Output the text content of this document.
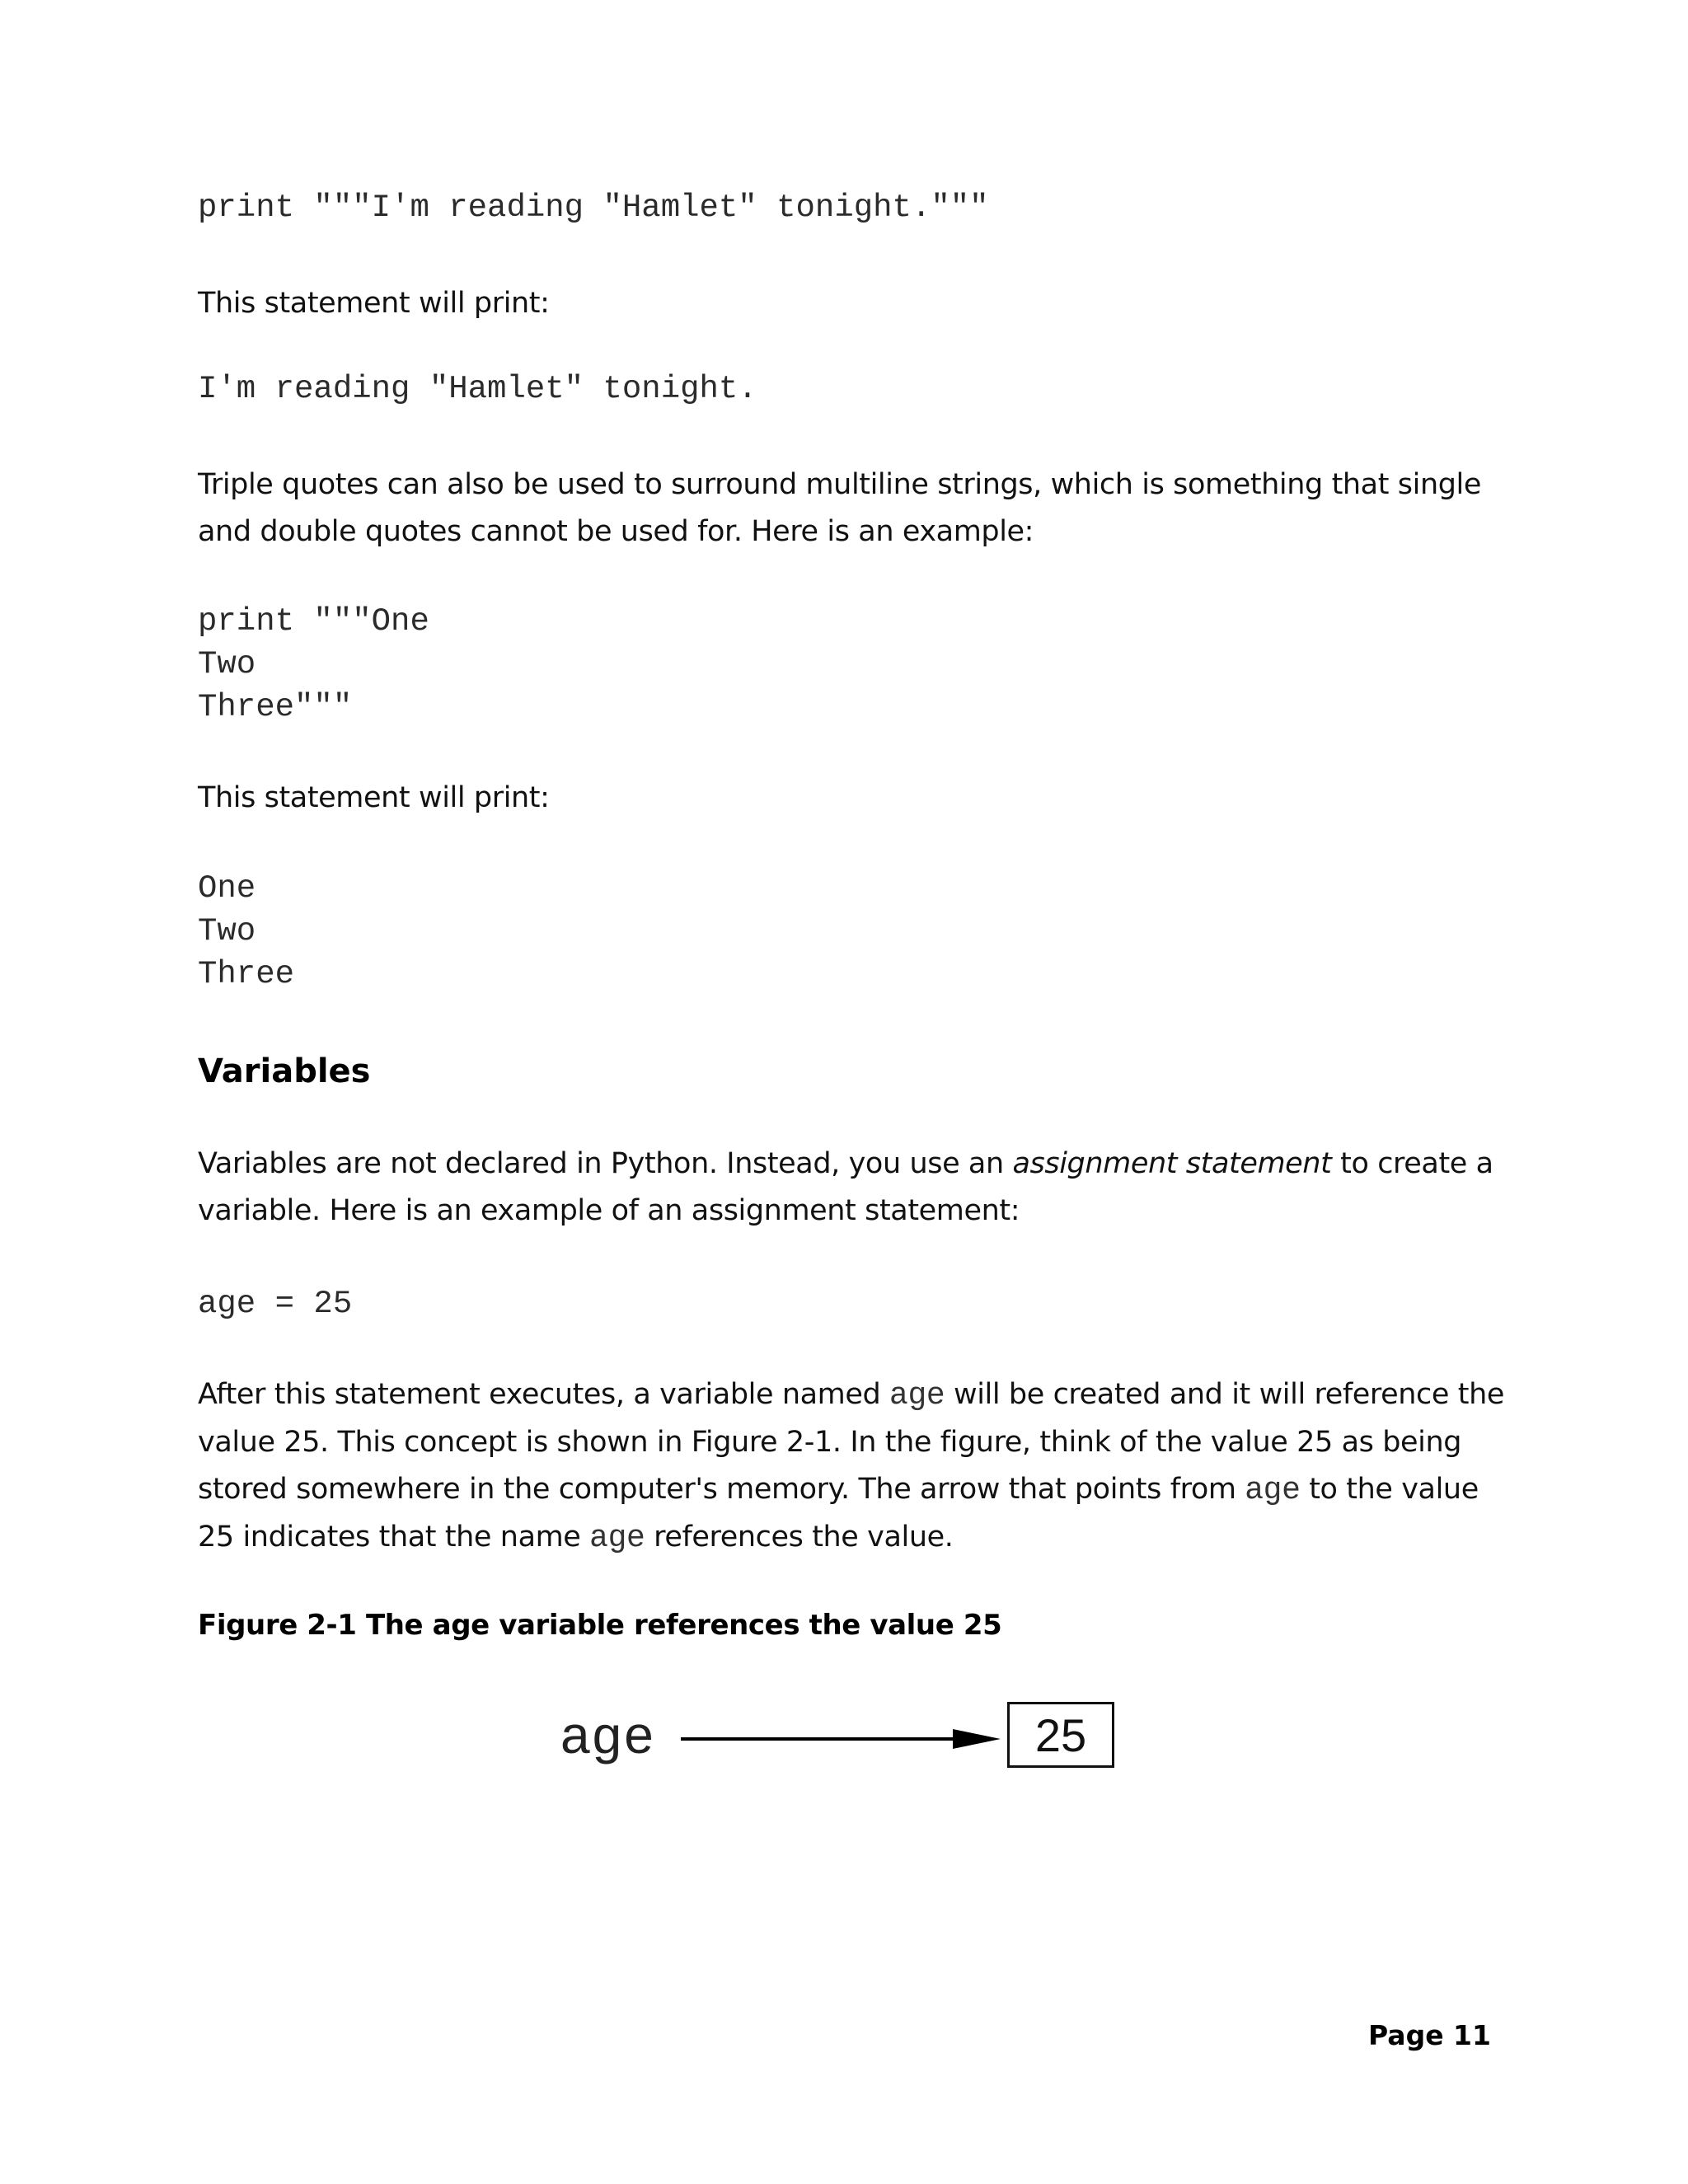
print """I'm reading "Hamlet" tonight."""

This statement will print:

I'm reading "Hamlet" tonight.

Triple quotes can also be used to surround multiline strings, which is something that single and double quotes cannot be used for. Here is an example:

print """One
Two
Three"""

This statement will print:

One
Two
Three
Variables

Variables are not declared in Python. Instead, you use an assignment statement to create a variable. Here is an example of an assignment statement:

age = 25

After this statement executes, a variable named age will be created and it will reference the value 25. This concept is shown in Figure 2-1. In the figure, think of the value 25 as being stored somewhere in the computer's memory. The arrow that points from age to the value 25 indicates that the name age references the value.

Figure 2-1 The age variable references the value 25

age	25
Page 11
